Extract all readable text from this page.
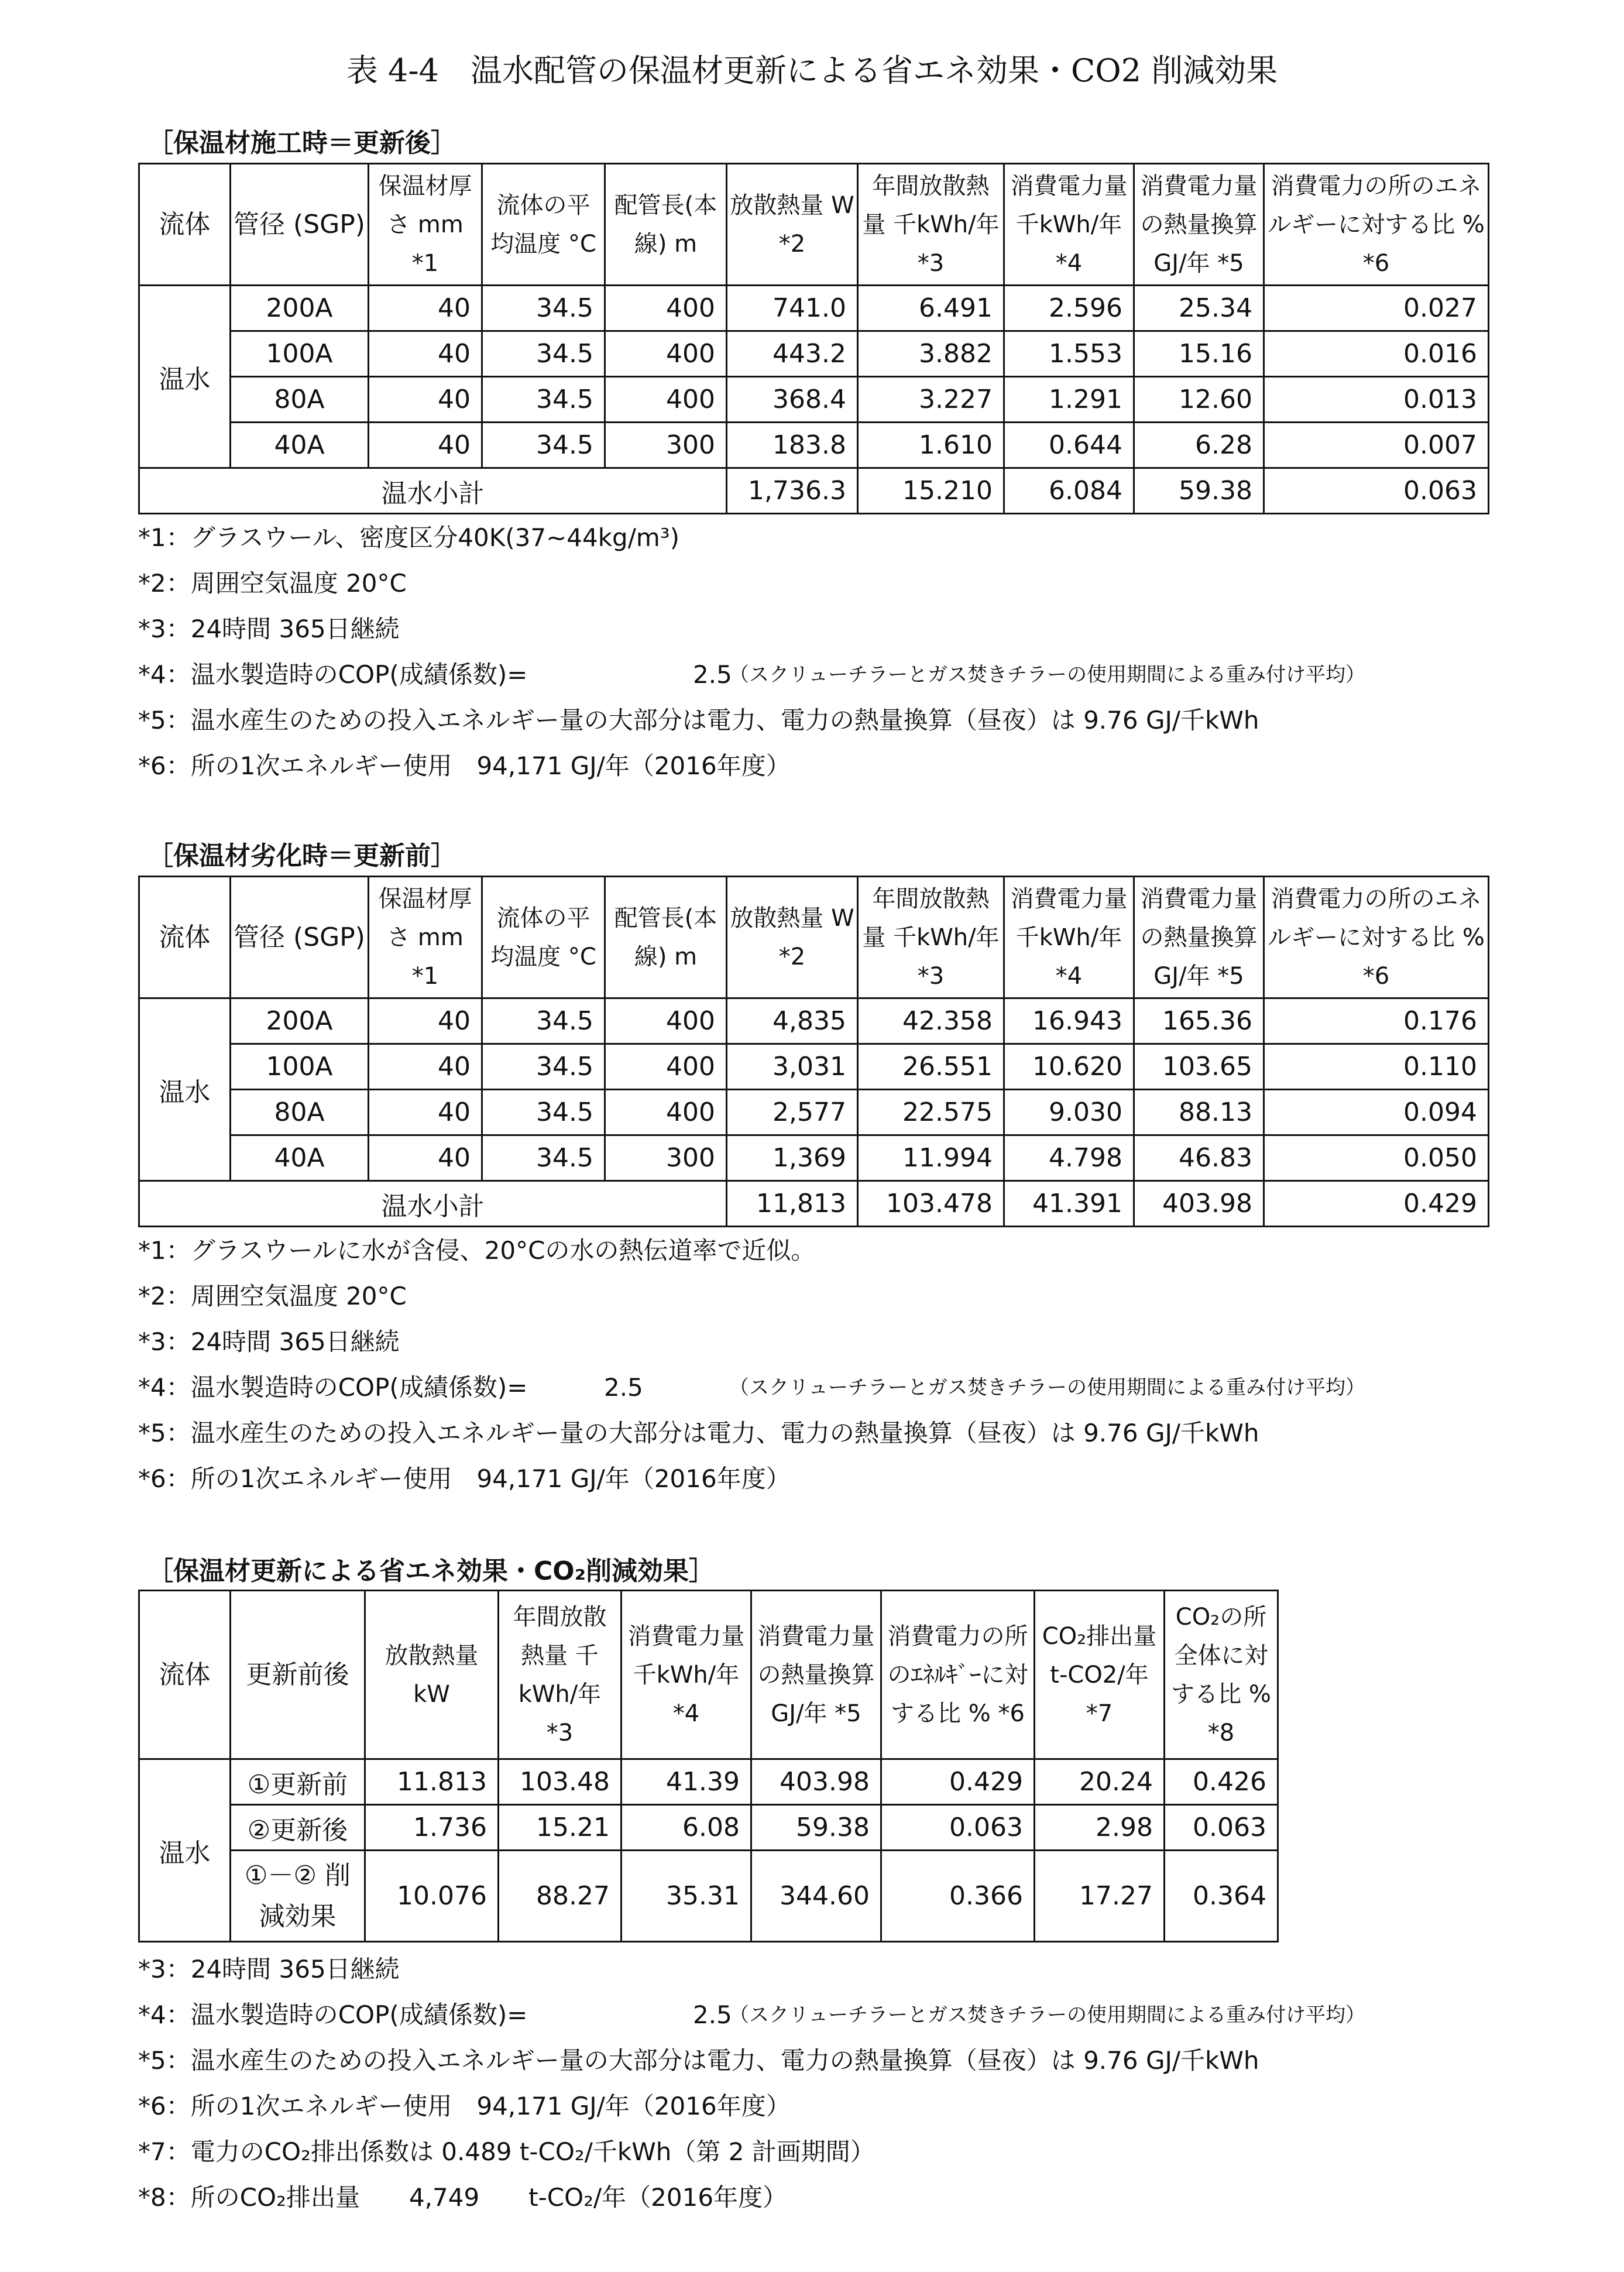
表 4-4　温水配管の保温材更新による省エネ効果・CO2 削減効果
［保温材施工時＝更新後］
流体	管径 (SGP)	保温材厚さ mm *1	流体の平均温度 °C	配管長(本線) m	放散熱量 W *2	年間放散熱量 千kWh/年 *3	消費電力量 千kWh/年 *4	消費電力量の熱量換算 GJ/年 *5	消費電力の所のエネルギーに対する比 % *6
温水	200A	40	34.5	400	741.0	6.491	2.596	25.34	0.027
	100A	40	34.5	400	443.2	3.882	1.553	15.16	0.016
	80A	40	34.5	400	368.4	3.227	1.291	12.60	0.013
	40A	40	34.5	300	183.8	1.610	0.644	6.28	0.007
温水小計					1,736.3	15.210	6.084	59.38	0.063
*1：グラスウール、密度区分40K(37~44kg/m³)
*2：周囲空気温度 20°C
*3：24時間 365日継続
*4：温水製造時のCOP(成績係数)=	2.5
（スクリューチラーとガス焚きチラーの使用期間による重み付け平均）
*5：温水産生のための投入エネルギー量の大部分は電力、電力の熱量換算（昼夜）は 9.76 GJ/千kWh
*6：所の1次エネルギー使用　94,171 GJ/年（2016年度）
［保温材劣化時＝更新前］
流体	管径 (SGP)	保温材厚さ mm *1	流体の平均温度 °C	配管長(本線) m	放散熱量 W *2	年間放散熱量 千kWh/年 *3	消費電力量 千kWh/年 *4	消費電力量の熱量換算 GJ/年 *5	消費電力の所のエネルギーに対する比 % *6
温水	200A	40	34.5	400	4,835	42.358	16.943	165.36	0.176
	100A	40	34.5	400	3,031	26.551	10.620	103.65	0.110
	80A	40	34.5	400	2,577	22.575	9.030	88.13	0.094
	40A	40	34.5	300	1,369	11.994	4.798	46.83	0.050
温水小計					11,813	103.478	41.391	403.98	0.429
*1：グラスウールに水が含侵、20°Cの水の熱伝道率で近似。
*2：周囲空気温度 20°C
*3：24時間 365日継続
*4：温水製造時のCOP(成績係数)=	2.5	（スクリューチラーとガス焚きチラーの使用期間による重み付け平均）
*5：温水産生のための投入エネルギー量の大部分は電力、電力の熱量換算（昼夜）は 9.76 GJ/千kWh
*6：所の1次エネルギー使用　94,171 GJ/年（2016年度）
［保温材更新による省エネ効果・CO₂削減効果］
流体	更新前後	放散熱量 kW	年間放散熱量 千kWh/年 *3	消費電力量 千kWh/年 *4	消費電力量の熱量換算 GJ/年 *5	消費電力の所のｴﾈﾙｷﾞｰに対する比 % *6	CO₂排出量 t-CO2/年 *7	CO₂の所全体に対する比 % *8
温水	①更新前	11.813	103.48	41.39	403.98	0.429	20.24	0.426
	②更新後	1.736	15.21	6.08	59.38	0.063	2.98	0.063
	①－② 削減効果	10.076	88.27	35.31	344.60	0.366	17.27	0.364
*3：24時間 365日継続
*4：温水製造時のCOP(成績係数)=	2.5
（スクリューチラーとガス焚きチラーの使用期間による重み付け平均）
*5：温水産生のための投入エネルギー量の大部分は電力、電力の熱量換算（昼夜）は 9.76 GJ/千kWh
*6：所の1次エネルギー使用　94,171 GJ/年（2016年度）
*7：電力のCO₂排出係数は 0.489 t-CO₂/千kWh（第 2 計画期間）
*8：所のCO₂排出量　　4,749　　t-CO₂/年（2016年度）
